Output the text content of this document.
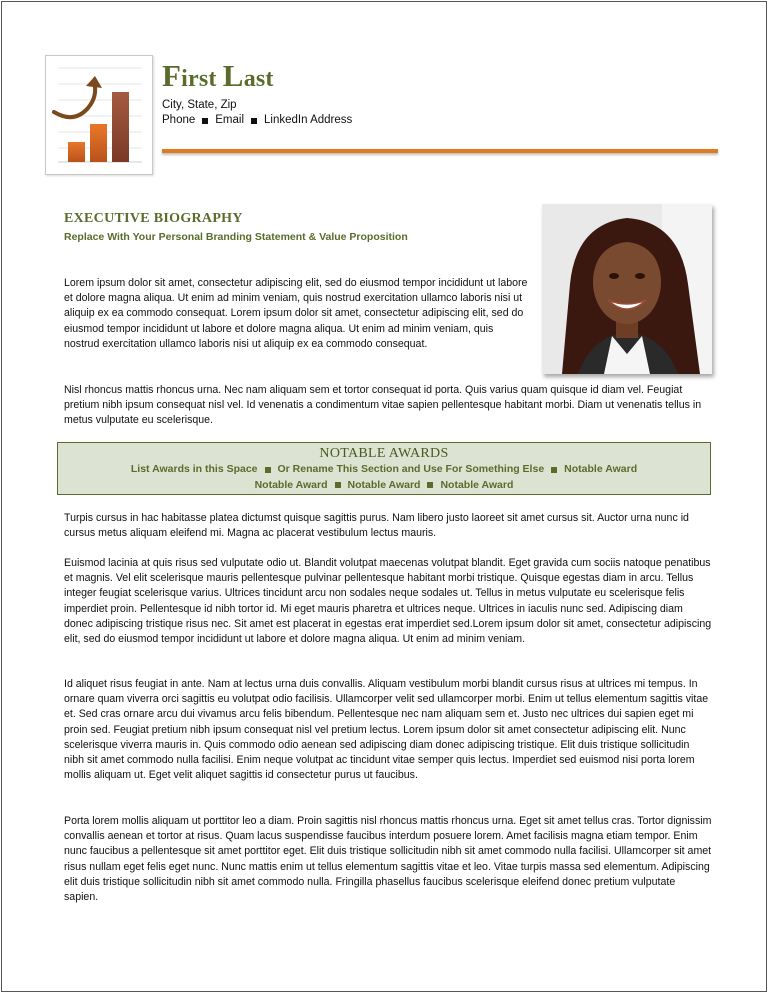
First Last
City, State, Zip
Phone Email LinkedIn Address
EXECUTIVE BIOGRAPHY
Replace With Your Personal Branding Statement & Value Proposition
Lorem ipsum dolor sit amet, consectetur adipiscing elit, sed do eiusmod tempor incididunt ut labore et dolore magna aliqua. Ut enim ad minim veniam, quis nostrud exercitation ullamco laboris nisi ut aliquip ex ea commodo consequat. Lorem ipsum dolor sit amet, consectetur adipiscing elit, sed do eiusmod tempor incididunt ut labore et dolore magna aliqua. Ut enim ad minim veniam, quis nostrud exercitation ullamco laboris nisi ut aliquip ex ea commodo consequat.
Nisl rhoncus mattis rhoncus urna. Nec nam aliquam sem et tortor consequat id porta. Quis varius quam quisque id diam vel. Feugiat pretium nibh ipsum consequat nisl vel. Id venenatis a condimentum vitae sapien pellentesque habitant morbi. Diam ut venenatis tellus in metus vulputate eu scelerisque.
NOTABLE AWARDS
List Awards in this Space Or Rename This Section and Use For Something Else Notable Award
Notable Award Notable Award Notable Award
Turpis cursus in hac habitasse platea dictumst quisque sagittis purus. Nam libero justo laoreet sit amet cursus sit. Auctor urna nunc id cursus metus aliquam eleifend mi. Magna ac placerat vestibulum lectus mauris.
Euismod lacinia at quis risus sed vulputate odio ut. Blandit volutpat maecenas volutpat blandit. Eget gravida cum sociis natoque penatibus et magnis. Vel elit scelerisque mauris pellentesque pulvinar pellentesque habitant morbi tristique. Quisque egestas diam in arcu. Tellus integer feugiat scelerisque varius. Ultrices tincidunt arcu non sodales neque sodales ut. Tellus in metus vulputate eu scelerisque felis imperdiet proin. Pellentesque id nibh tortor id. Mi eget mauris pharetra et ultrices neque. Ultrices in iaculis nunc sed. Adipiscing diam donec adipiscing tristique risus nec. Sit amet est placerat in egestas erat imperdiet sed.Lorem ipsum dolor sit amet, consectetur adipiscing elit, sed do eiusmod tempor incididunt ut labore et dolore magna aliqua. Ut enim ad minim veniam.
Id aliquet risus feugiat in ante. Nam at lectus urna duis convallis. Aliquam vestibulum morbi blandit cursus risus at ultrices mi tempus. In ornare quam viverra orci sagittis eu volutpat odio facilisis. Ullamcorper velit sed ullamcorper morbi. Enim ut tellus elementum sagittis vitae et. Sed cras ornare arcu dui vivamus arcu felis bibendum. Pellentesque nec nam aliquam sem et. Justo nec ultrices dui sapien eget mi proin sed. Feugiat pretium nibh ipsum consequat nisl vel pretium lectus. Lorem ipsum dolor sit amet consectetur adipiscing elit. Nunc scelerisque viverra mauris in. Quis commodo odio aenean sed adipiscing diam donec adipiscing tristique. Elit duis tristique sollicitudin nibh sit amet commodo nulla facilisi. Enim neque volutpat ac tincidunt vitae semper quis lectus. Imperdiet sed euismod nisi porta lorem mollis aliquam ut. Eget velit aliquet sagittis id consectetur purus ut faucibus.
Porta lorem mollis aliquam ut porttitor leo a diam. Proin sagittis nisl rhoncus mattis rhoncus urna. Eget sit amet tellus cras. Tortor dignissim convallis aenean et tortor at risus. Quam lacus suspendisse faucibus interdum posuere lorem. Amet facilisis magna etiam tempor. Enim nunc faucibus a pellentesque sit amet porttitor eget. Elit duis tristique sollicitudin nibh sit amet commodo nulla facilisi. Ullamcorper sit amet risus nullam eget felis eget nunc. Nunc mattis enim ut tellus elementum sagittis vitae et leo. Vitae turpis massa sed elementum. Adipiscing elit duis tristique sollicitudin nibh sit amet commodo nulla. Fringilla phasellus faucibus scelerisque eleifend donec pretium vulputate sapien.
